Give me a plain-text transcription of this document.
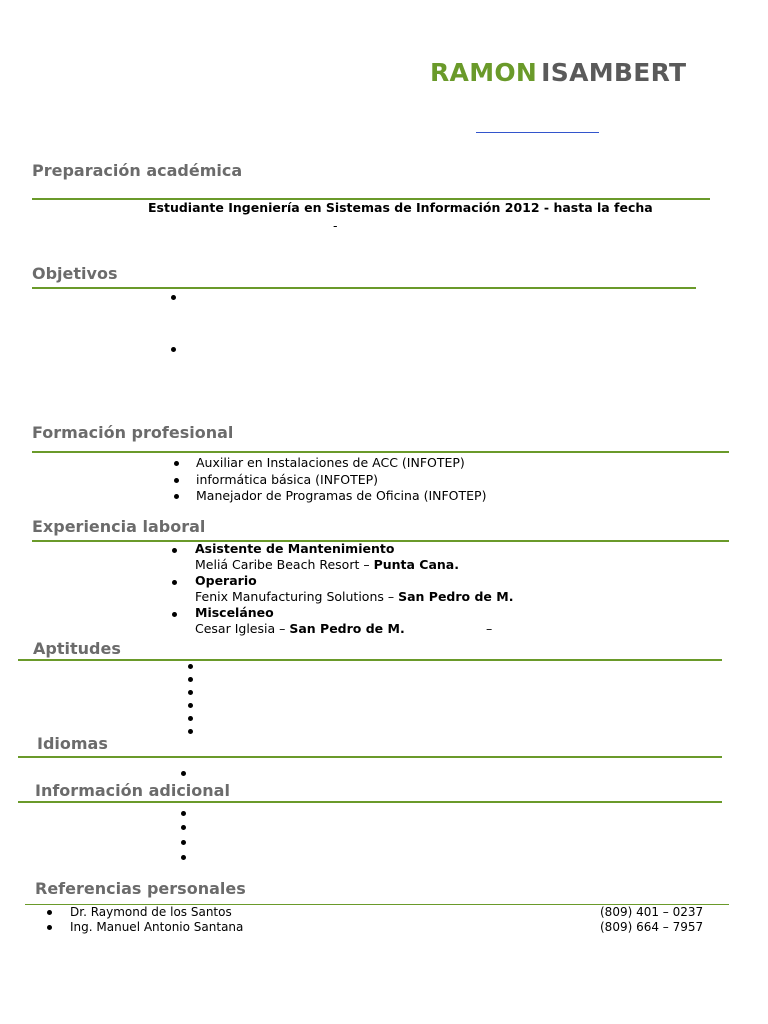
RAMON ISAMBERT
Preparación académica
Estudiante Ingeniería en Sistemas de Información 2012 - hasta la fecha
-
Objetivos
Formación profesional
Auxiliar en Instalaciones de ACC (INFOTEP)
informática básica (INFOTEP)
Manejador de Programas de Oficina (INFOTEP)
Experiencia laboral
Asistente de Mantenimiento
Meliá Caribe Beach Resort – Punta Cana.
Operario
Fenix Manufacturing Solutions – San Pedro de M.
Misceláneo
Cesar Iglesia – San Pedro de M.	–
Aptitudes
Idiomas
Información adicional
Referencias personales
Dr. Raymond de los Santos	(809) 401 – 0237
Ing. Manuel Antonio Santana	(809) 664 – 7957
